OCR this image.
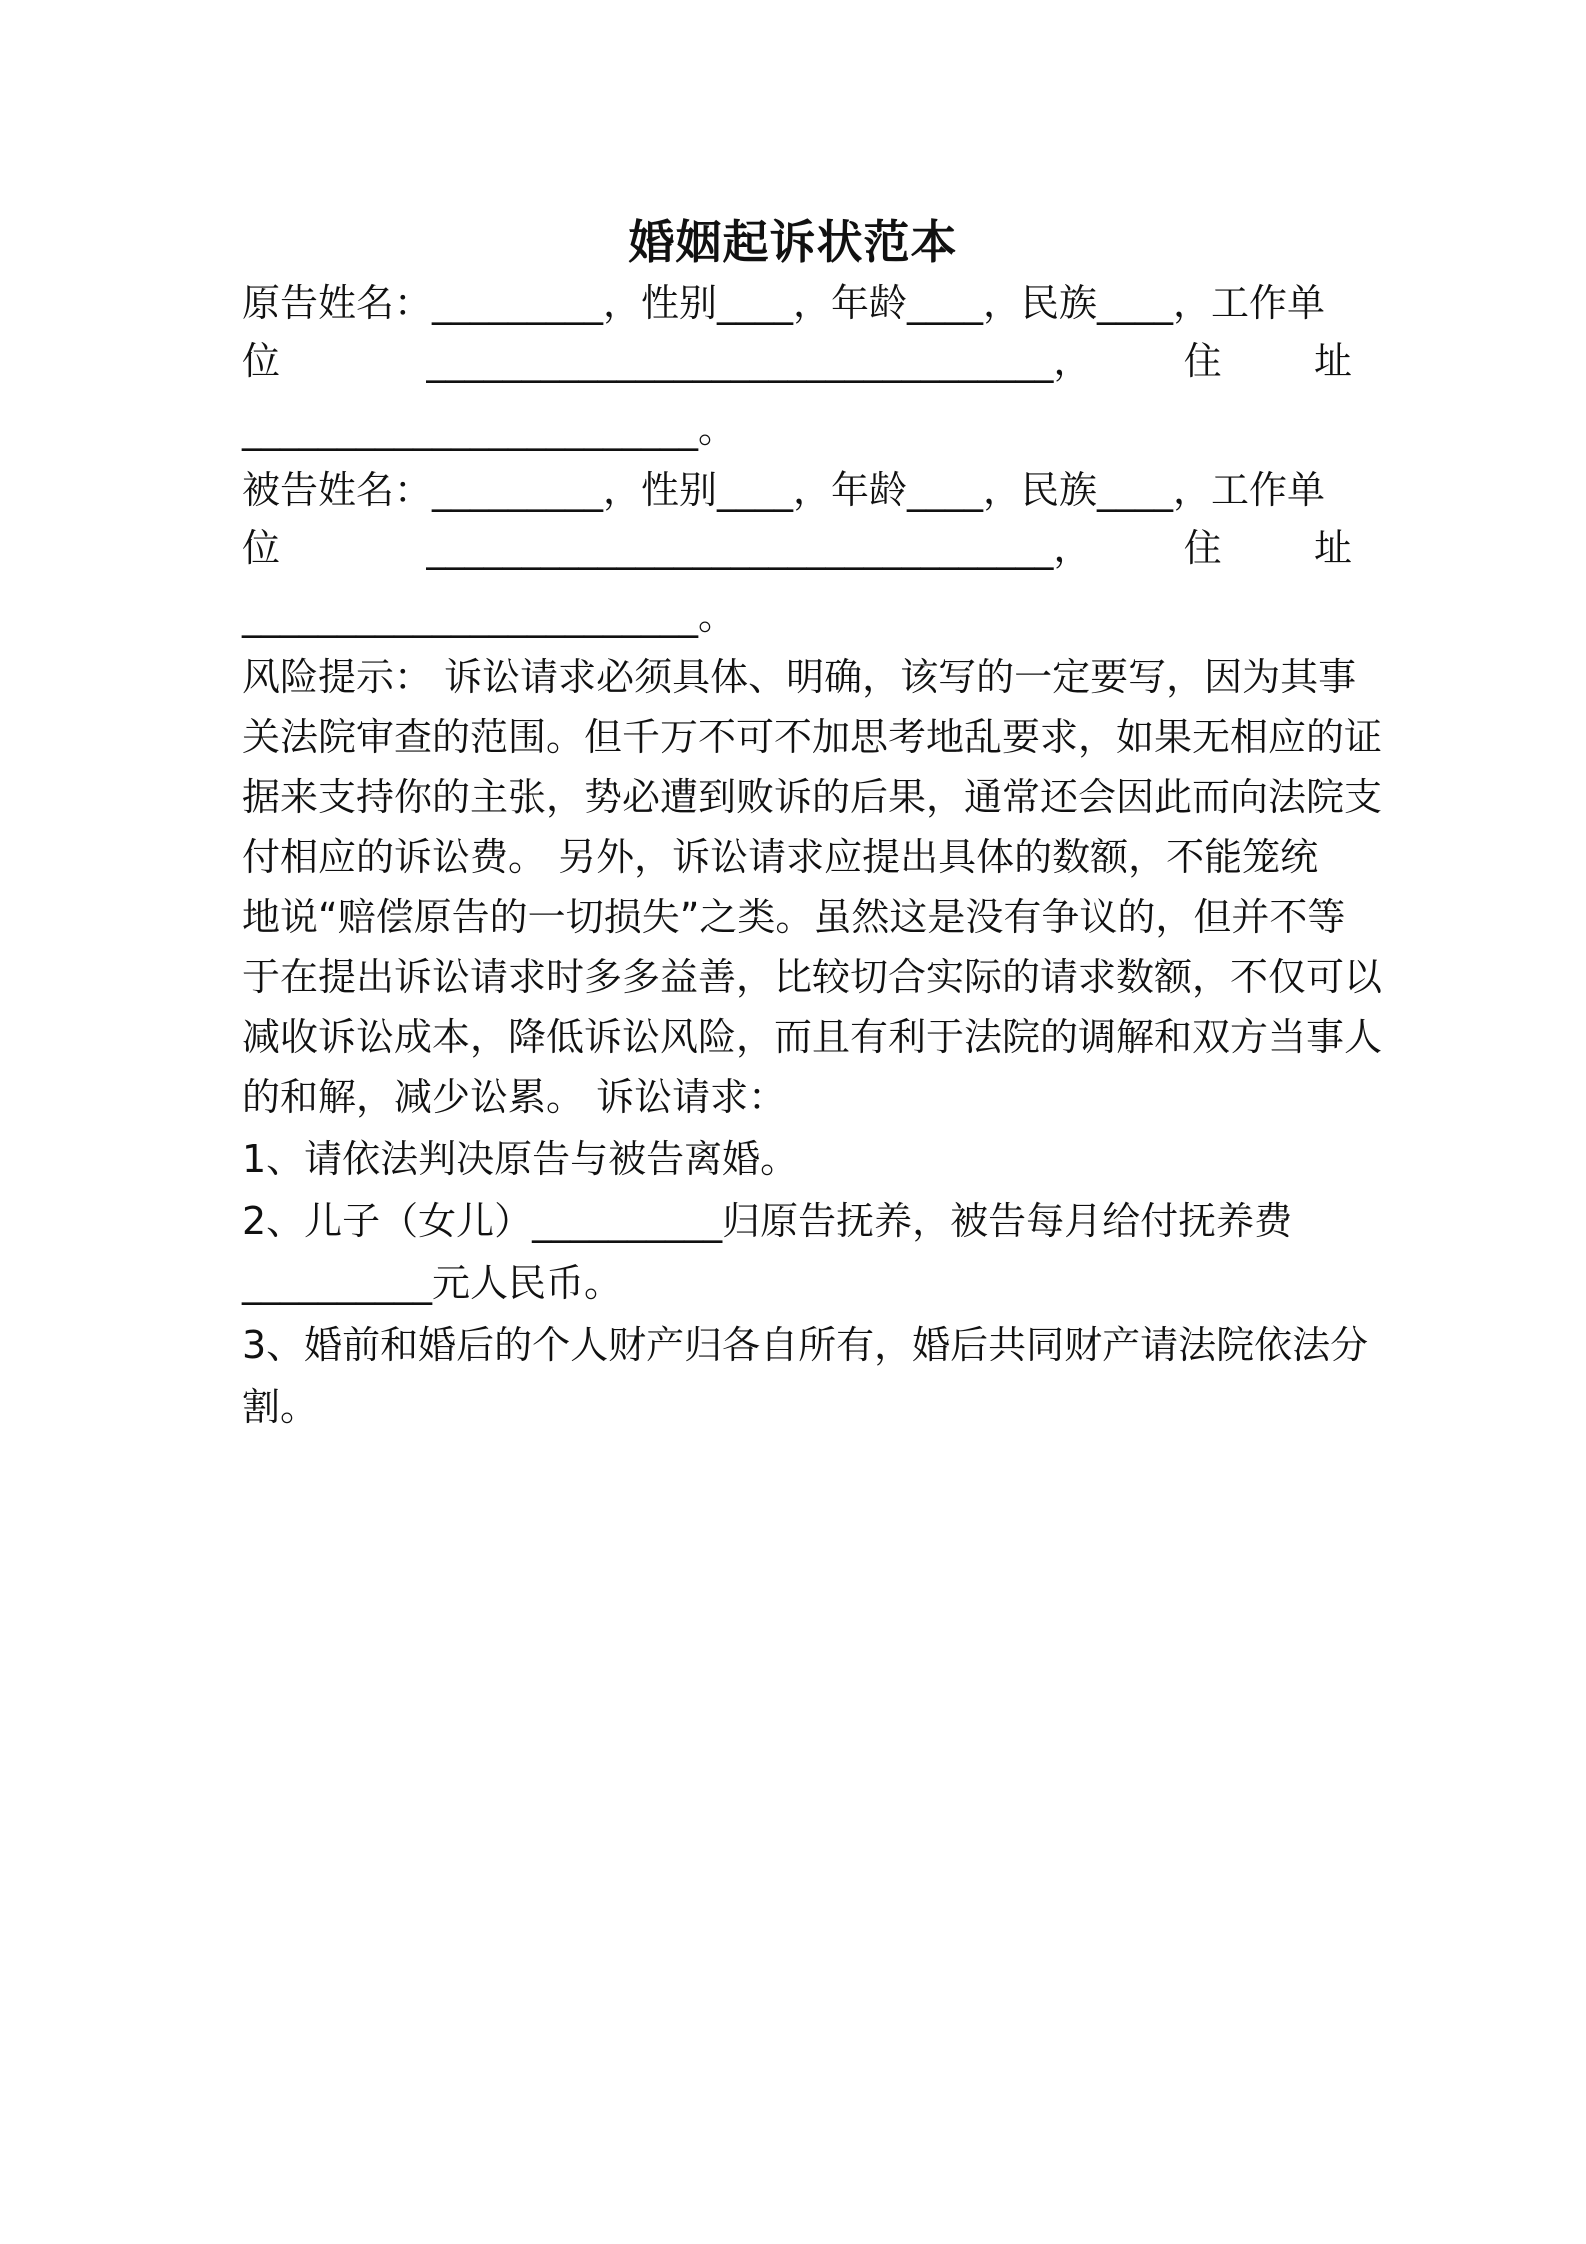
婚姻起诉状范本
原告姓名：_________，性别____，年龄____，民族____，工作单
位	_________________________________， 住 址
________________________。
被告姓名：_________，性别____，年龄____，民族____，工作单
位	_________________________________， 住 址
________________________。
风险提示： 诉讼请求必须具体、明确，该写的一定要写，因为其事
关法院审查的范围。但千万不可不加思考地乱要求，如果无相应的证
据来支持你的主张，势必遭到败诉的后果，通常还会因此而向法院支
付相应的诉讼费。 另外，诉讼请求应提出具体的数额，不能笼统
地说“赔偿原告的一切损失”之类。虽然这是没有争议的，但并不等
于在提出诉讼请求时多多益善，比较切合实际的请求数额，不仅可以
减收诉讼成本，降低诉讼风险，而且有利于法院的调解和双方当事人
的和解，减少讼累。 诉讼请求：
1、请依法判决原告与被告离婚。
2、儿子（女儿）__________归原告抚养，被告每月给付抚养费
__________元人民币。
3、婚前和婚后的个人财产归各自所有，婚后共同财产请法院依法分
割。
